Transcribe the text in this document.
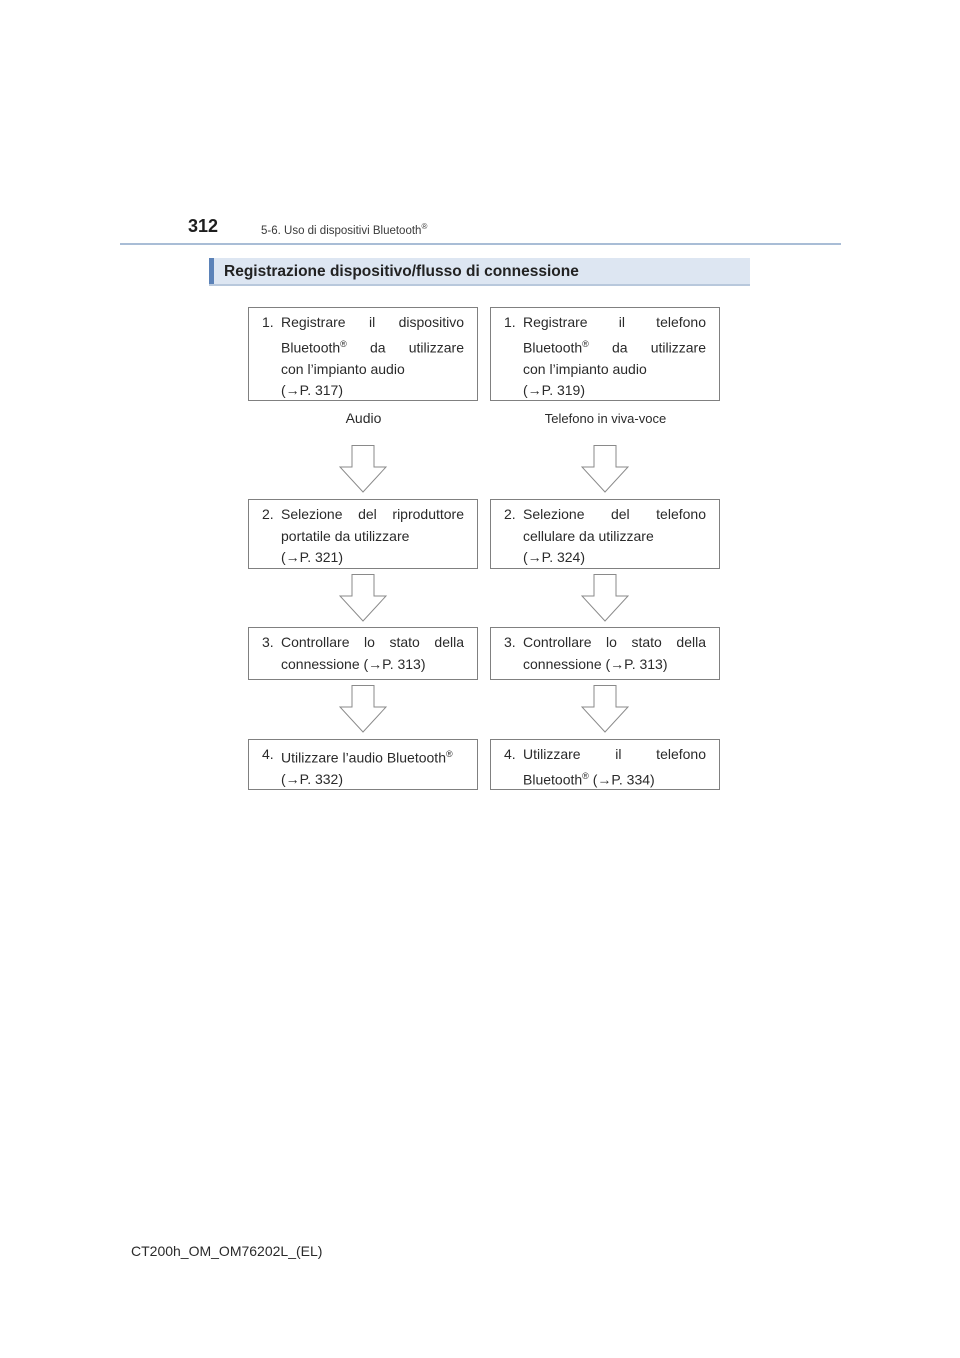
312	5-6. Uso di dispositivi Bluetooth®
Registrazione dispositivo/flusso di connessione
1. Registrare il dispositivo
Bluetooth® da utilizzare
con l’impianto audio
(→P. 317)
Audio
2. Selezione del riproduttore
portatile da utilizzare
(→P. 321)
3. Controllare lo stato della
connessione (→P. 313)
4. Utilizzare l’audio Bluetooth®
(→P. 332)
1. Registrare il telefono
Bluetooth® da utilizzare
con l’impianto audio
(→P. 319)
Telefono in viva-voce
2. Selezione del telefono
cellulare da utilizzare
(→P. 324)
3. Controllare lo stato della
connessione (→P. 313)
4. Utilizzare il telefono
Bluetooth® (→P. 334)
CT200h_OM_OM76202L_(EL)
